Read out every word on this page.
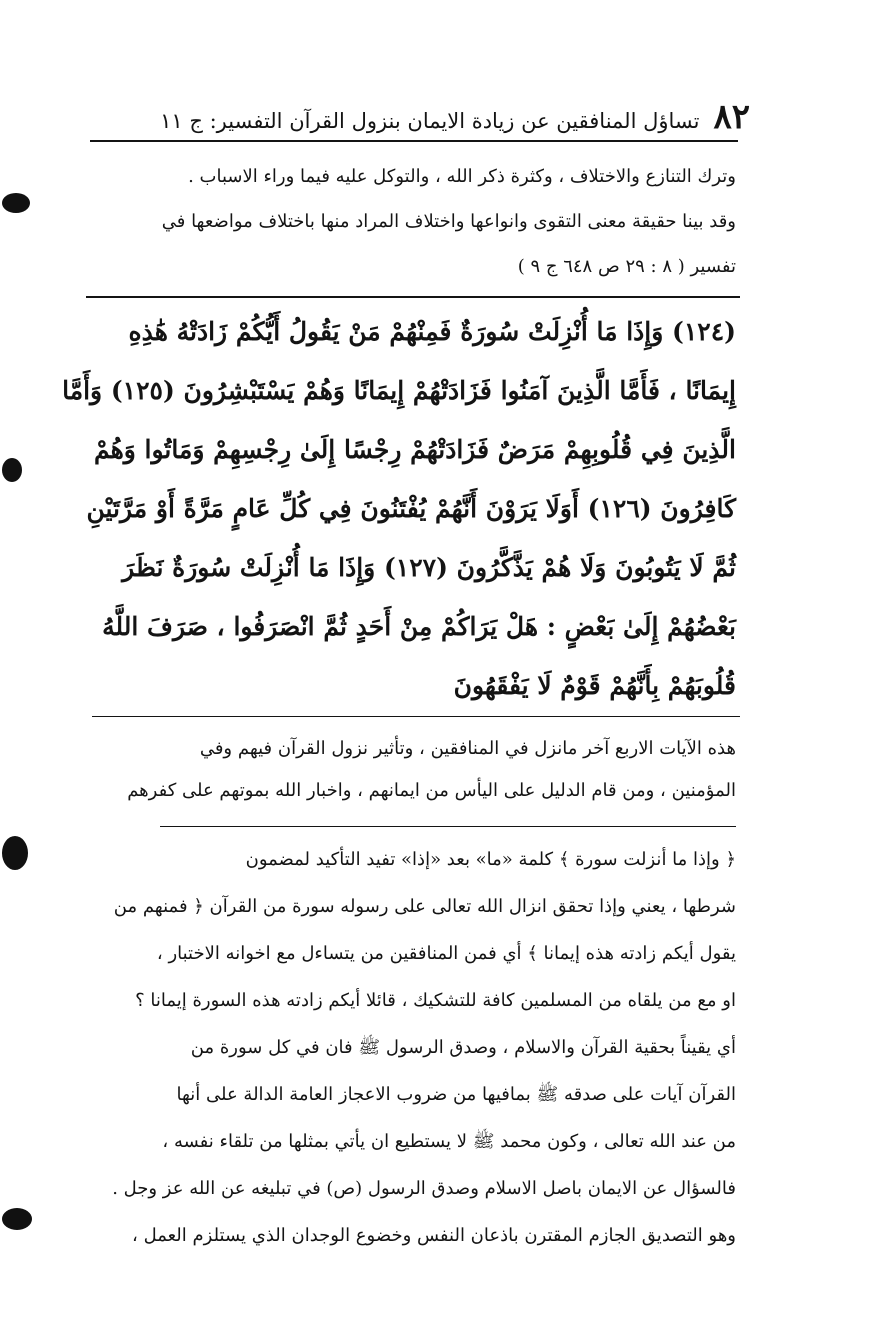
٨٢
تساؤل المنافقين عن زيادة الايمان بنزول القرآن التفسير: ج ١١
وترك التنازع والاختلاف ، وكثرة ذكر الله ، والتوكل عليه فيما وراء الاسباب .
وقد بينا حقيقة معنى التقوى وانواعها واختلاف المراد منها باختلاف مواضعها في
تفسير ( ٨ : ٢٩ ص ٦٤٨ ج ٩ )
(١٢٤) وَإِذَا مَا أُنْزِلَتْ سُورَةٌ فَمِنْهُمْ مَنْ يَقُولُ أَيُّكُمْ زَادَتْهُ هَٰذِهِ
إِيمَانًا ، فَأَمَّا الَّذِينَ آمَنُوا فَزَادَتْهُمْ إِيمَانًا وَهُمْ يَسْتَبْشِرُونَ (١٢٥) وَأَمَّا
الَّذِينَ فِي قُلُوبِهِمْ مَرَضٌ فَزَادَتْهُمْ رِجْسًا إِلَىٰ رِجْسِهِمْ وَمَاتُوا وَهُمْ
كَافِرُونَ (١٢٦) أَوَلَا يَرَوْنَ أَنَّهُمْ يُفْتَنُونَ فِي كُلِّ عَامٍ مَرَّةً أَوْ مَرَّتَيْنِ
ثُمَّ لَا يَتُوبُونَ وَلَا هُمْ يَذَّكَّرُونَ (١٢٧) وَإِذَا مَا أُنْزِلَتْ سُورَةٌ نَظَرَ
بَعْضُهُمْ إِلَىٰ بَعْضٍ : هَلْ يَرَاكُمْ مِنْ أَحَدٍ ثُمَّ انْصَرَفُوا ، صَرَفَ اللَّهُ
قُلُوبَهُمْ بِأَنَّهُمْ قَوْمٌ لَا يَفْقَهُونَ
هذه الآيات الاربع آخر مانزل في المنافقين ، وتأثير نزول القرآن فيهم وفي
المؤمنين ، ومن قام الدليل على اليأس من ايمانهم ، واخبار الله بموتهم على كفرهم
﴿ وإذا ما أنزلت سورة ﴾ كلمة «ما» بعد «إذا» تفيد التأكيد لمضمون
شرطها ، يعني وإذا تحقق انزال الله تعالى على رسوله سورة من القرآن ﴿ فمنهم من
يقول أيكم زادته هذه إيمانا ﴾ أي فمن المنافقين من يتساءل مع اخوانه الاختبار ،
او مع من يلقاه من المسلمين كافة للتشكيك ، قائلا أيكم زادته هذه السورة إيمانا ؟
أي يقيناً بحقية القرآن والاسلام ، وصدق الرسول ﷺ فان في كل سورة من
القرآن آيات على صدقه ﷺ بمافيها من ضروب الاعجاز العامة الدالة على أنها
من عند الله تعالى ، وكون محمد ﷺ لا يستطيع ان يأتي بمثلها من تلقاء نفسه ،
فالسؤال عن الايمان باصل الاسلام وصدق الرسول (ص) في تبليغه عن الله عز وجل .
وهو التصديق الجازم المقترن باذعان النفس وخضوع الوجدان الذي يستلزم العمل ،
